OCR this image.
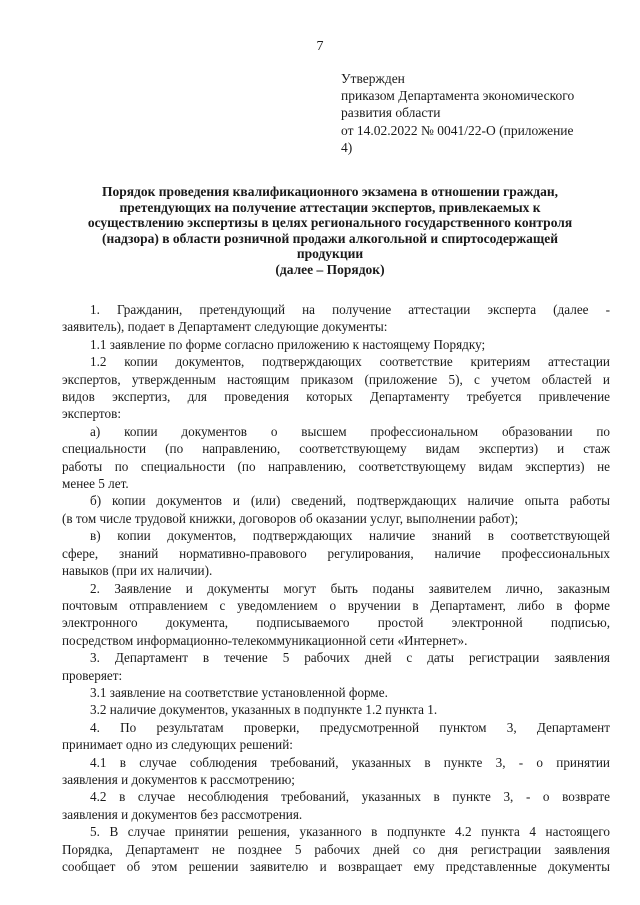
7
Утвержден
приказом Департамента экономического
развития области
от 14.02.2022 № 0041/22-О (приложение
4)
Порядок проведения квалификационного экзамена в отношении граждан,
претендующих на получение аттестации экспертов, привлекаемых к
осуществлению экспертизы в целях регионального государственного контроля
(надзора) в области розничной продажи алкогольной и спиртосодержащей
продукции
(далее – Порядок)
1. Гражданин, претендующий на получение аттестации эксперта (далее -
заявитель), подает в Департамент следующие документы:
1.1 заявление по форме согласно приложению к настоящему Порядку;
1.2 копии документов, подтверждающих соответствие критериям аттестации
экспертов, утвержденным настоящим приказом (приложение 5), с учетом областей и
видов экспертиз, для проведения которых Департаменту требуется привлечение
экспертов:
а) копии документов о высшем профессиональном образовании по
специальности (по направлению, соответствующему видам экспертиз) и стаж
работы по специальности (по направлению, соответствующему видам экспертиз) не
менее 5 лет.
б) копии документов и (или) сведений, подтверждающих наличие опыта работы
(в том числе трудовой книжки, договоров об оказании услуг, выполнении работ);
в) копии документов, подтверждающих наличие знаний в соответствующей
сфере, знаний нормативно-правового регулирования, наличие профессиональных
навыков (при их наличии).
2. Заявление и документы могут быть поданы заявителем лично, заказным
почтовым отправлением с уведомлением о вручении в Департамент, либо в форме
электронного документа, подписываемого простой электронной подписью,
посредством информационно-телекоммуникационной сети «Интернет».
3. Департамент в течение 5 рабочих дней с даты регистрации заявления
проверяет:
3.1 заявление на соответствие установленной форме.
3.2 наличие документов, указанных в подпункте 1.2 пункта 1.
4. По результатам проверки, предусмотренной пунктом 3, Департамент
принимает одно из следующих решений:
4.1 в случае соблюдения требований, указанных в пункте 3, - о принятии
заявления и документов к рассмотрению;
4.2 в случае несоблюдения требований, указанных в пункте 3, - о возврате
заявления и документов без рассмотрения.
5. В случае принятии решения, указанного в подпункте 4.2 пункта 4 настоящего
Порядка, Департамент не позднее 5 рабочих дней со дня регистрации заявления
сообщает об этом решении заявителю и возвращает ему представленные документы
